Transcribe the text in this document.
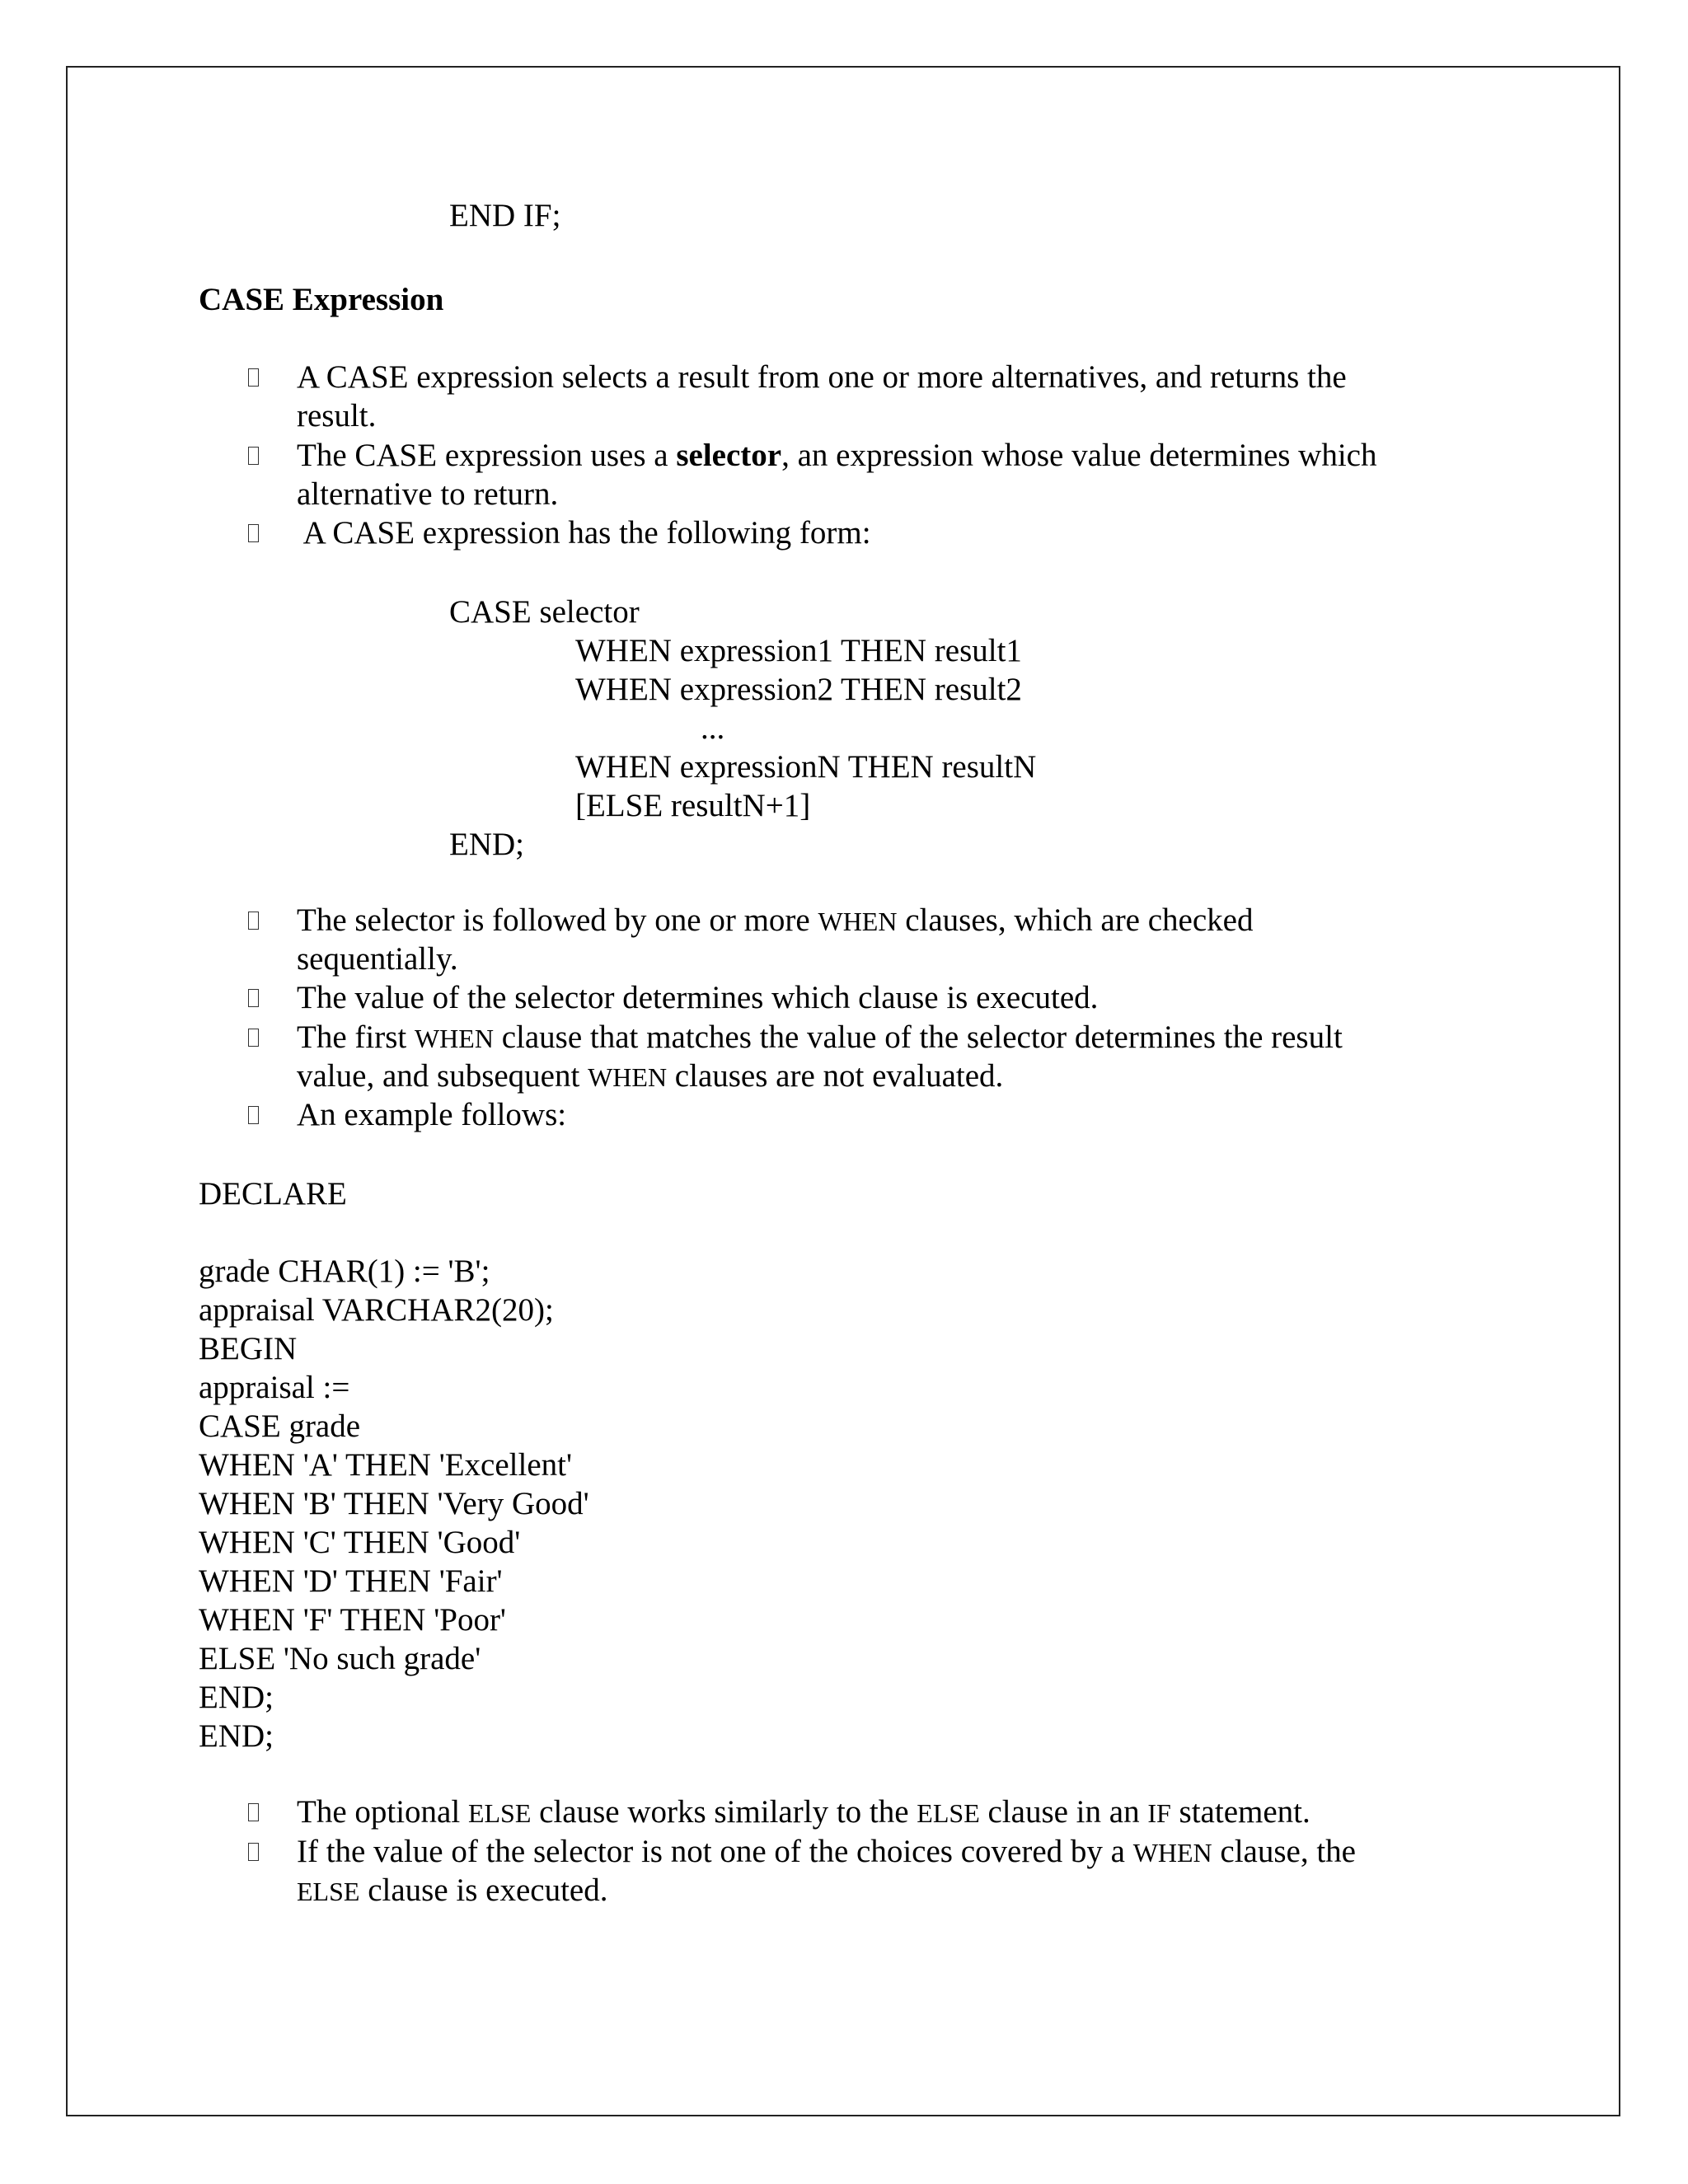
END IF;
CASE Expression
A CASE expression selects a result from one or more alternatives, and returns the
result.
The CASE expression uses a selector, an expression whose value determines which
alternative to return.
A CASE expression has the following form:
CASE selector
WHEN expression1 THEN result1
WHEN expression2 THEN result2
...
WHEN expressionN THEN resultN
[ELSE resultN+1]
END;
The selector is followed by one or more WHEN clauses, which are checked
sequentially.
The value of the selector determines which clause is executed.
The first WHEN clause that matches the value of the selector determines the result
value, and subsequent WHEN clauses are not evaluated.
An example follows:
DECLARE
grade CHAR(1) := 'B';
appraisal VARCHAR2(20);
BEGIN
appraisal :=
CASE grade
WHEN 'A' THEN 'Excellent'
WHEN 'B' THEN 'Very Good'
WHEN 'C' THEN 'Good'
WHEN 'D' THEN 'Fair'
WHEN 'F' THEN 'Poor'
ELSE 'No such grade'
END;
END;
The optional ELSE clause works similarly to the ELSE clause in an IF statement.
If the value of the selector is not one of the choices covered by a WHEN clause, the
ELSE clause is executed.
